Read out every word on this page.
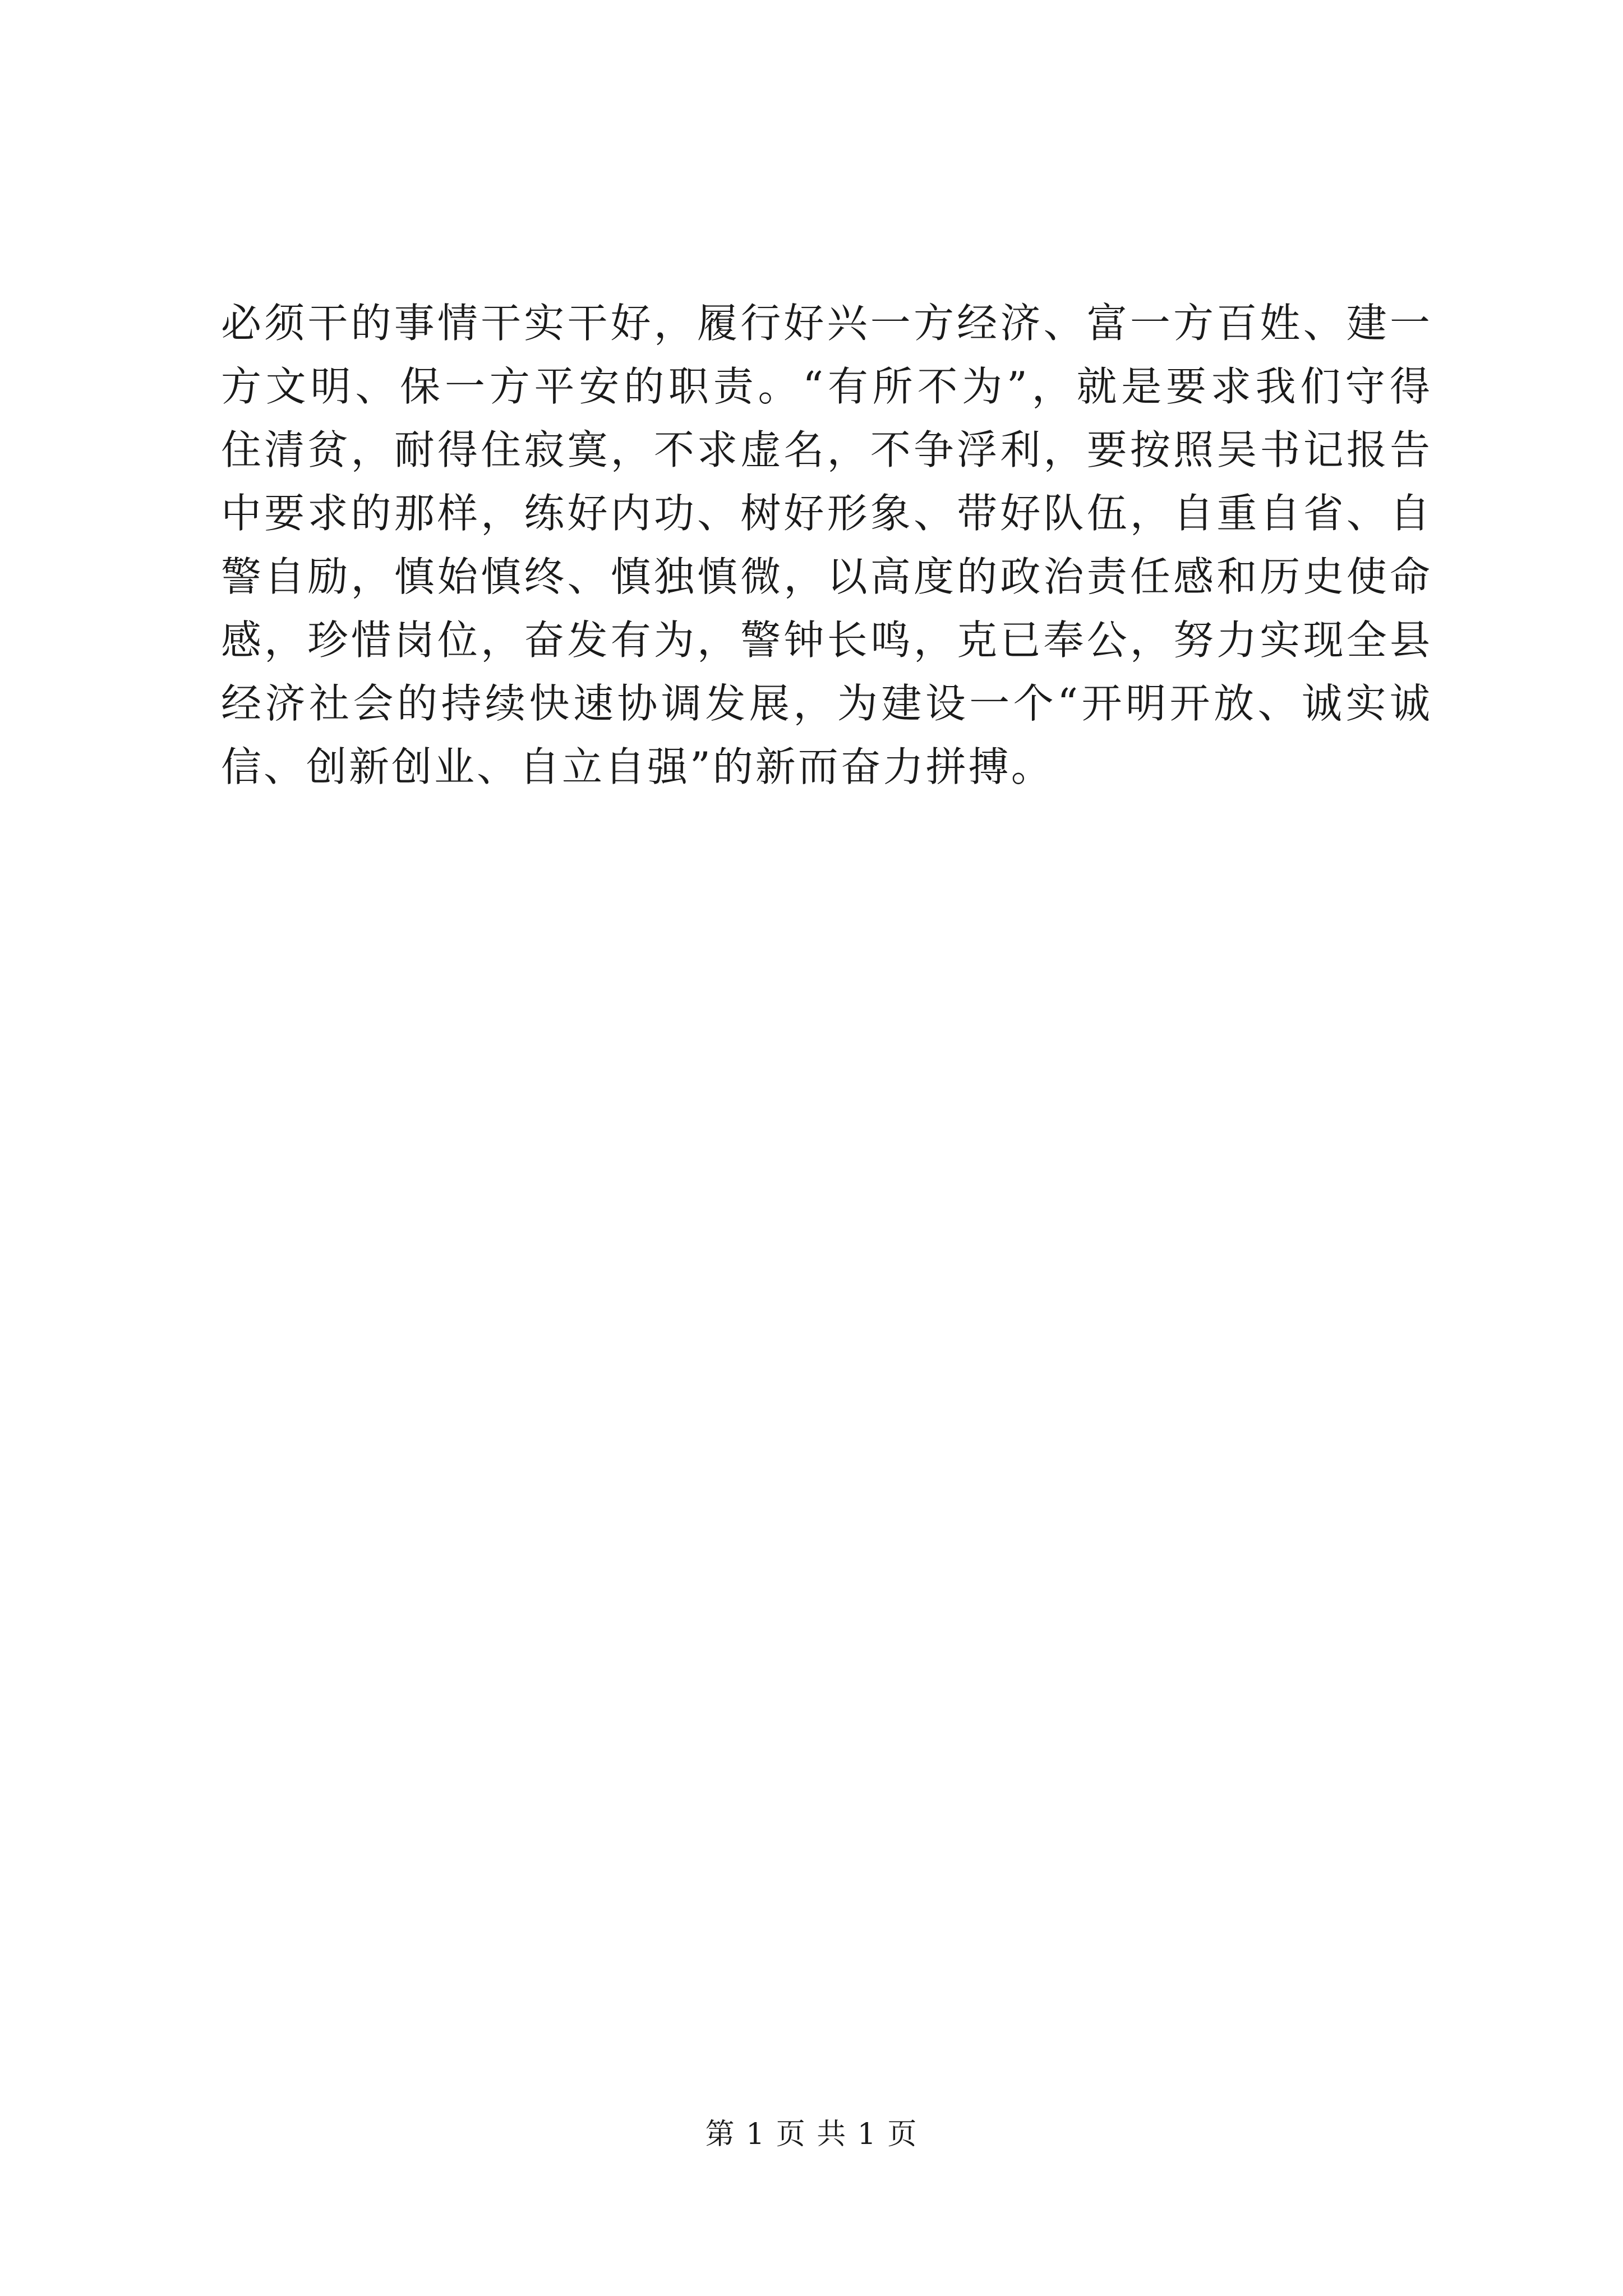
必须干的事情干实干好，履行好兴一方经济、富一方百姓、建一
方文明、保一方平安的职责。“有所不为”，就是要求我们守得
住清贫，耐得住寂寞，不求虚名，不争浮利，要按照吴书记报告
中要求的那样，练好内功、树好形象、带好队伍，自重自省、自
警自励，慎始慎终、慎独慎微，以高度的政治责任感和历史使命
感，珍惜岗位，奋发有为，警钟长鸣，克已奉公，努力实现全县
经济社会的持续快速协调发展，为建设一个“开明开放、诚实诚
信、创新创业、自立自强”的新而奋力拼搏。
第 1 页 共 1 页
